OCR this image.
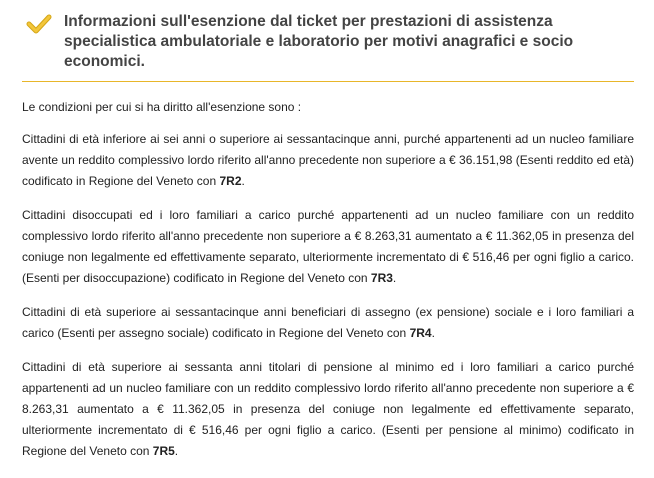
Informazioni sull'esenzione dal ticket per prestazioni di assistenza specialistica ambulatoriale e laboratorio per motivi anagrafici e socio economici.

Le condizioni per cui si ha diritto all'esenzione sono :

Cittadini di età inferiore ai sei anni o superiore ai sessantacinque anni, purché appartenenti ad un nucleo familiare avente un reddito complessivo lordo riferito all'anno precedente non superiore a € 36.151,98 (Esenti reddito ed età) codificato in Regione del Veneto con 7R2.

Cittadini disoccupati ed i loro familiari a carico purché appartenenti ad un nucleo familiare con un reddito complessivo lordo riferito all'anno precedente non superiore a € 8.263,31 aumentato a € 11.362,05 in presenza del coniuge non legalmente ed effettivamente separato, ulteriormente incrementato di € 516,46 per ogni figlio a carico. (Esenti per disoccupazione) codificato in Regione del Veneto con 7R3.

Cittadini di età superiore ai sessantacinque anni beneficiari di assegno (ex pensione) sociale e i loro familiari a carico (Esenti per assegno sociale) codificato in Regione del Veneto con 7R4.

Cittadini di età superiore ai sessanta anni titolari di pensione al minimo ed i loro familiari a carico purché appartenenti ad un nucleo familiare con un reddito complessivo lordo riferito all'anno precedente non superiore a € 8.263,31 aumentato a € 11.362,05 in presenza del coniuge non legalmente ed effettivamente separato, ulteriormente incrementato di € 516,46 per ogni figlio a carico. (Esenti per pensione al minimo) codificato in Regione del Veneto con 7R5.
